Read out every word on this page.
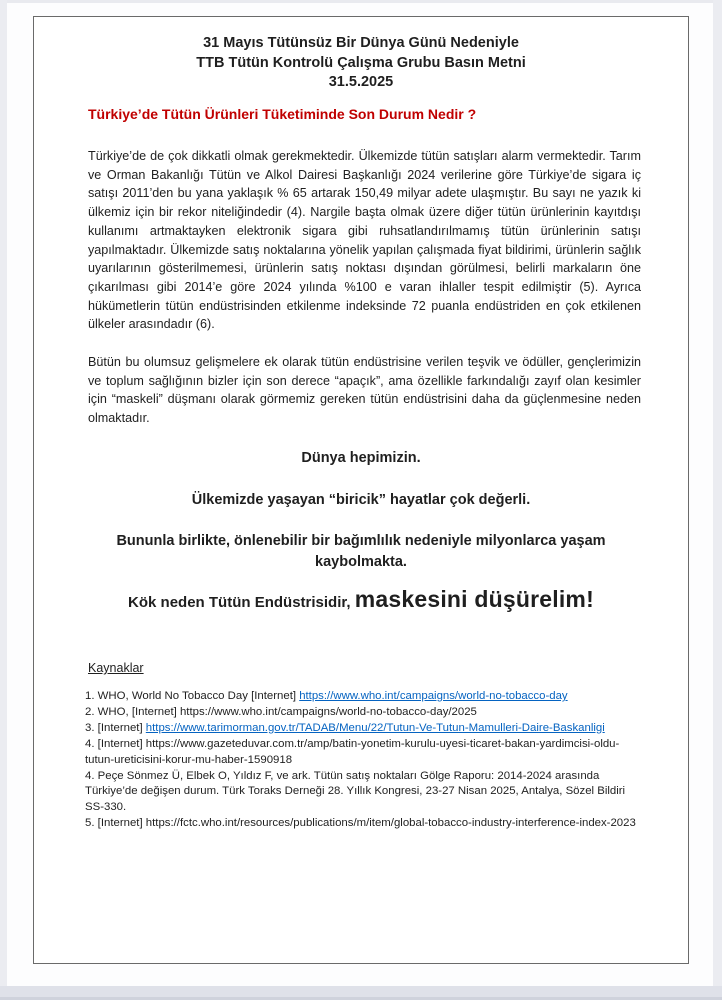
31 Mayıs Tütünsüz Bir Dünya Günü Nedeniyle
TTB Tütün Kontrolü Çalışma Grubu Basın Metni
31.5.2025
Türkiye’de Tütün Ürünleri Tüketiminde Son Durum Nedir ?

Türkiye’de de çok dikkatli olmak gerekmektedir. Ülkemizde tütün satışları alarm vermektedir. Tarım ve Orman Bakanlığı Tütün ve Alkol Dairesi Başkanlığı 2024 verilerine göre Türkiye’de sigara iç satışı 2011’den bu yana yaklaşık % 65 artarak 150,49 milyar adete ulaşmıştır. Bu sayı ne yazık ki ülkemiz için bir rekor niteliğindedir (4). Nargile başta olmak üzere diğer tütün ürünlerinin kayıtdışı kullanımı artmaktayken elektronik sigara gibi ruhsatlandırılmamış tütün ürünlerinin satışı yapılmaktadır. Ülkemizde satış noktalarına yönelik yapılan çalışmada fiyat bildirimi, ürünlerin sağlık uyarılarının gösterilmemesi, ürünlerin satış noktası dışından görülmesi, belirli markaların öne çıkarılması gibi 2014’e göre 2024 yılında %100 e varan ihlaller tespit edilmiştir (5). Ayrıca hükümetlerin tütün endüstrisinden etkilenme indeksinde 72 puanla endüstriden en çok etkilenen ülkeler arasındadır (6).

Bütün bu olumsuz gelişmelere ek olarak tütün endüstrisine verilen teşvik ve ödüller, gençlerimizin ve toplum sağlığının bizler için son derece “apaçık”, ama özellikle farkındalığı zayıf olan kesimler için “maskeli” düşmanı olarak görmemiz gereken tütün endüstrisini daha da güçlenmesine neden olmaktadır.

Dünya hepimizin.
Ülkemizde yaşayan “biricik” hayatlar çok değerli.
Bununla birlikte, önlenebilir bir bağımlılık nedeniyle milyonlarca yaşam kaybolmakta.
Kök neden Tütün Endüstrisidir, maskesini düşürelim!
Kaynaklar
1. WHO, World No Tobacco Day [Internet] https://www.who.int/campaigns/world-no-tobacco-day
2. WHO, [Internet] https://www.who.int/campaigns/world-no-tobacco-day/2025
3. [Internet] https://www.tarimorman.gov.tr/TADAB/Menu/22/Tutun-Ve-Tutun-Mamulleri-Daire-Baskanligi
4. [Internet] https://www.gazeteduvar.com.tr/amp/batin-yonetim-kurulu-uyesi-ticaret-bakan-yardimcisi-oldu-tutun-ureticisini-korur-mu-haber-1590918
4. Peçe Sönmez Ü, Elbek O, Yıldız F, ve ark. Tütün satış noktaları Gölge Raporu: 2014-2024 arasında Türkiye’de değişen durum. Türk Toraks Derneği 28. Yıllık Kongresi, 23-27 Nisan 2025, Antalya, Sözel Bildiri SS-330.
5. [Internet] https://fctc.who.int/resources/publications/m/item/global-tobacco-industry-interference-index-2023
